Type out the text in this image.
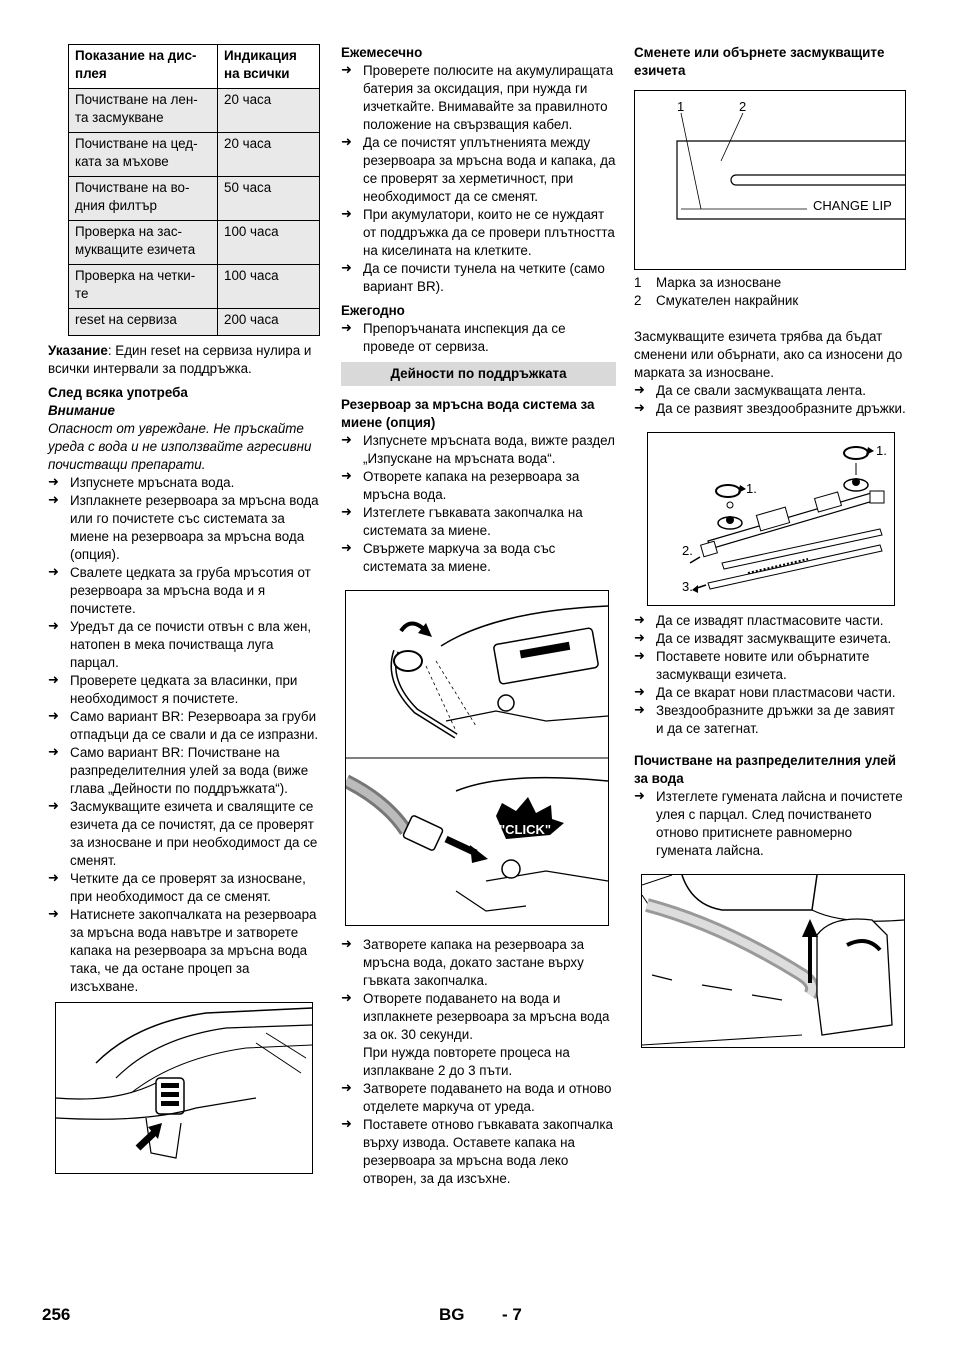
Показание на дис-
плея	Индикация
на всички
Почистване на лен-
та засмукване	20 часа
Почистване на цед-
ката за мъхове	20 часа
Почистване на во-
дния филтър	50 часа
Проверка на зас-
мукващите езичета	100 часа
Проверка на четки-
те	100 часа
reset на сервиза	200 часа

Указание: Един reset на сервиза нулира и всички интервали за поддръжка.

След всяка употреба
Внимание

Опасност от увреждане. Не пръскайте уреда с вода и не използвайте агресивни почистващи препарати.

➜ Изпуснете мръсната вода.
➜ Изплакнете резервоара за мръсна вода или го почистете със системата за миене на резервоара за мръсна вода (опция).
➜ Свалете цедката за груба мръсотия от резервоара за мръсна вода и я почистете.
➜ Уредът да се почисти отвън с вла жен, натопен в мека почистваща луга парцал.
➜ Проверете цедката за власинки, при необходимост я почистете.
➜ Само вариант BR: Резервоара за груби отпадъци да се свали и да се изпразни.
➜ Само вариант BR: Почистване на разпределителния улей за вода (виже глава „Дейности по поддръжката“).
➜ Засмукващите езичета и свалящите се езичета да се почистят, да се проверят за износване и при необходимост да се сменят.
➜ Четките да се проверят за износване, при необходимост да се сменят.
➜ Натиснете закопчалката на резервоара за мръсна вода навътре и затворете капака на резервоара за мръсна вода така, че да остане процеп за изсъхване.
Ежемесечно
➜ Проверете полюсите на акумулиращата батерия за оксидация, при нужда ги изчеткайте. Внимавайте за правилното положение на свързващия кабел.
➜ Да се почистят уплътненията между резервоара за мръсна вода и капака, да се проверят за херметичност, при необходимост да се сменят.
➜ При акумулатори, които не се нуждаят от поддръжка да се провери плътността на киселината на клетките.
➜ Да се почисти тунела на четките (само вариант BR).
Ежегодно
➜ Препоръчаната инспекция да се проведе от сервиза.
Дейности по поддръжката
Резервоар за мръсна вода система за миене (опция)
➜ Изпуснете мръсната вода, вижте раздел „Изпускане на мръсната вода“.
➜ Отворете капака на резервоара за мръсна вода.
➜ Изтеглете гъвкавата закопчалка на системата за миене.
➜ Свържете маркуча за вода със системата за миене.
"CLICK"
➜ Затворете капака на резервоара за мръсна вода, докато застане върху гъвката закопчалка.
➜ Отворете подаването на вода и изплакнете резервоара за мръсна вода за ок. 30 секунди.

При нужда повторете процеса на изплакване 2 до 3 пъти.

➜ Затворете подаването на вода и отново отделете маркуча от уреда.
➜ Поставете отново гъвкавата закопчалка върху извода. Оставете капака на резервоара за мръсна вода леко отворен, за да изсъхне.
Сменете или обърнете засмукващите езичета
1	2
CHANGE LIP
1	Марка за износване
2	Смукателен накрайник

Засмукващите езичета трябва да бъдат сменени или обърнати, ако са износени до марката за износване.

➜ Да се свали засмукващата лента.
➜ Да се развият звездообразните дръжки.
1.
1.
2.
3.
➜ Да се извадят пластмасовите части.
➜ Да се извадят засмукващите езичета.
➜ Поставете новите или обърнатите засмукващи езичета.
➜ Да се вкарат нови пластмасови части.
➜ Звездообразните дръжки за де завият и да се затегнат.
Почистване на разпределителния улей за вода
➜ Изтеглете гумената лайсна и почистете улея с парцал. След почистването отново притиснете равномерно гумената лайсна.
256	BG - 7
